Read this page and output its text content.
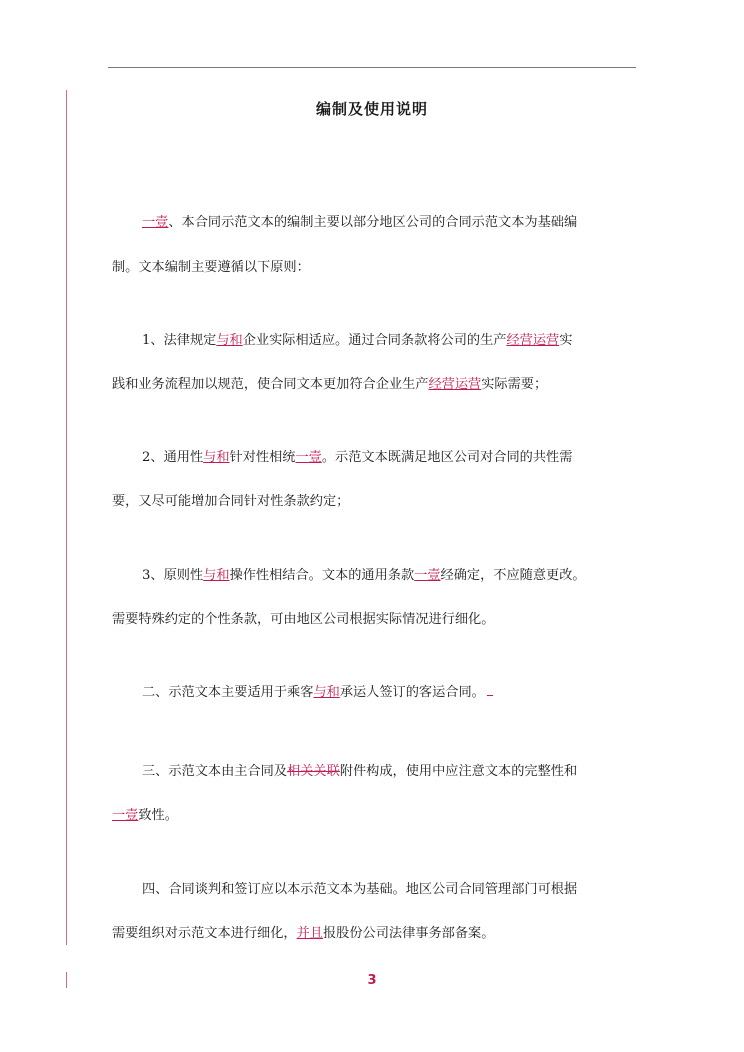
编制及使用说明
一壹、本合同示范文本的编制主要以部分地区公司的合同示范文本为基础编
制。文本编制主要遵循以下原则：
1、法律规定与和企业实际相适应。通过合同条款将公司的生产经营运营实
践和业务流程加以规范，使合同文本更加符合企业生产经营运营实际需要；
2、通用性与和针对性相统一壹。示范文本既满足地区公司对合同的共性需
要，又尽可能增加合同针对性条款约定；
3、原则性与和操作性相结合。文本的通用条款一壹经确定，不应随意更改。
需要特殊约定的个性条款，可由地区公司根据实际情况进行细化。
二、示范文本主要适用于乘客与和承运人签订的客运合同。
三、示范文本由主合同及相关关联附件构成，使用中应注意文本的完整性和
一壹致性。
四、合同谈判和签订应以本示范文本为基础。地区公司合同管理部门可根据
需要组织对示范文本进行细化，并且报股份公司法律事务部备案。
3
